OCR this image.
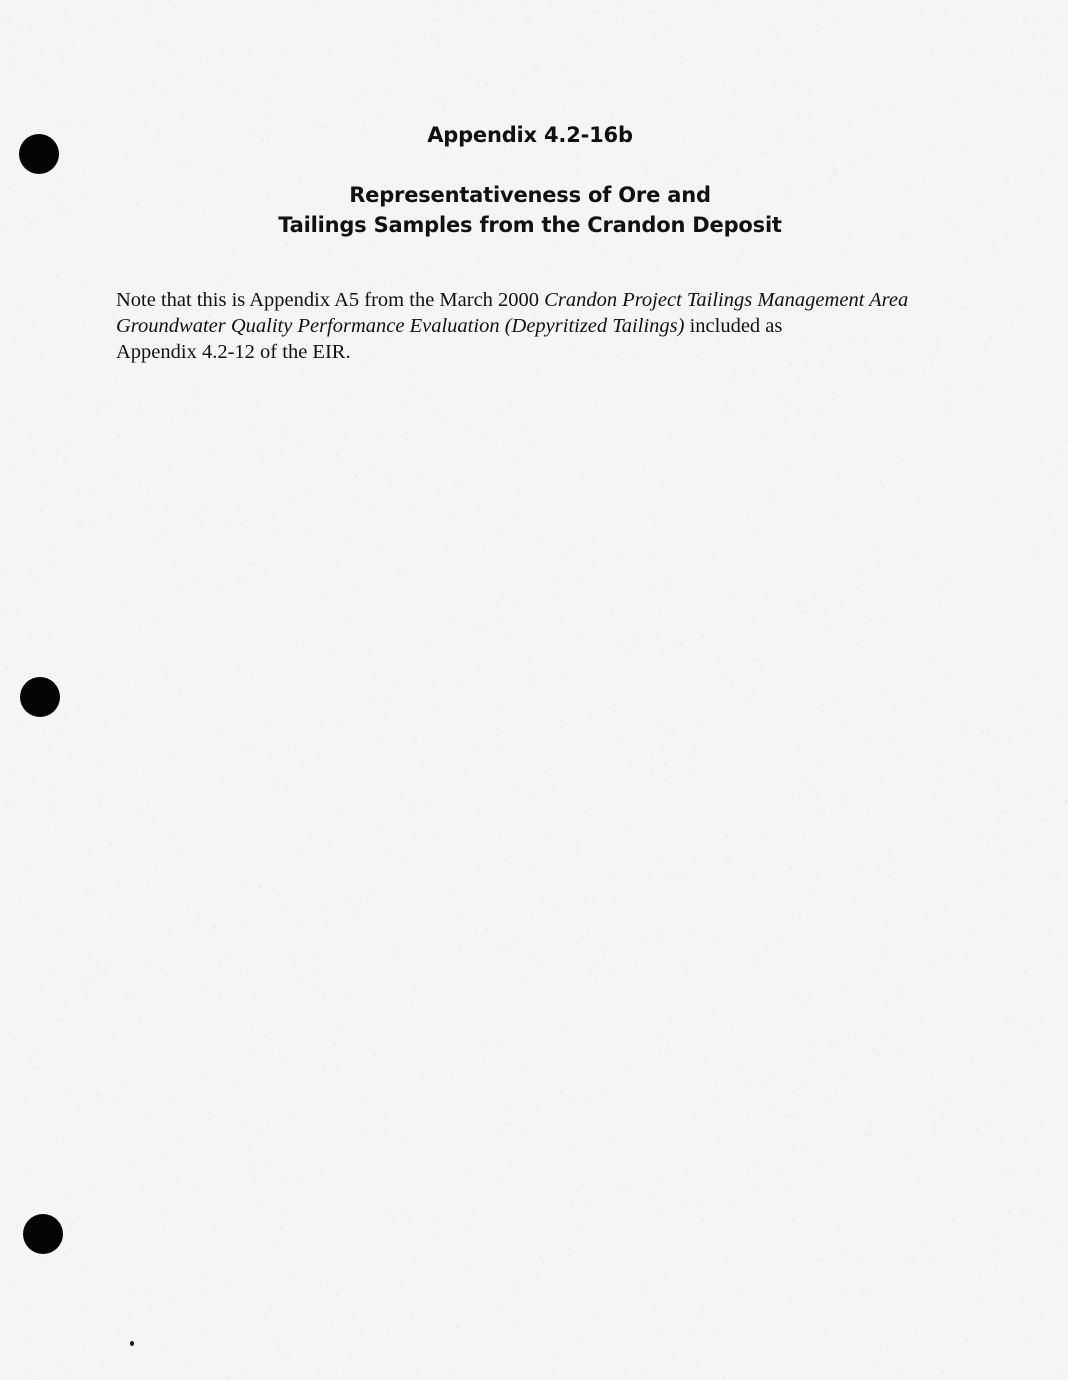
Appendix 4.2-16b
Representativeness of Ore and
Tailings Samples from the Crandon Deposit
Note that this is Appendix A5 from the March 2000 Crandon Project Tailings Management Area
Groundwater Quality Performance Evaluation (Depyritized Tailings) included as
Appendix 4.2-12 of the EIR.
